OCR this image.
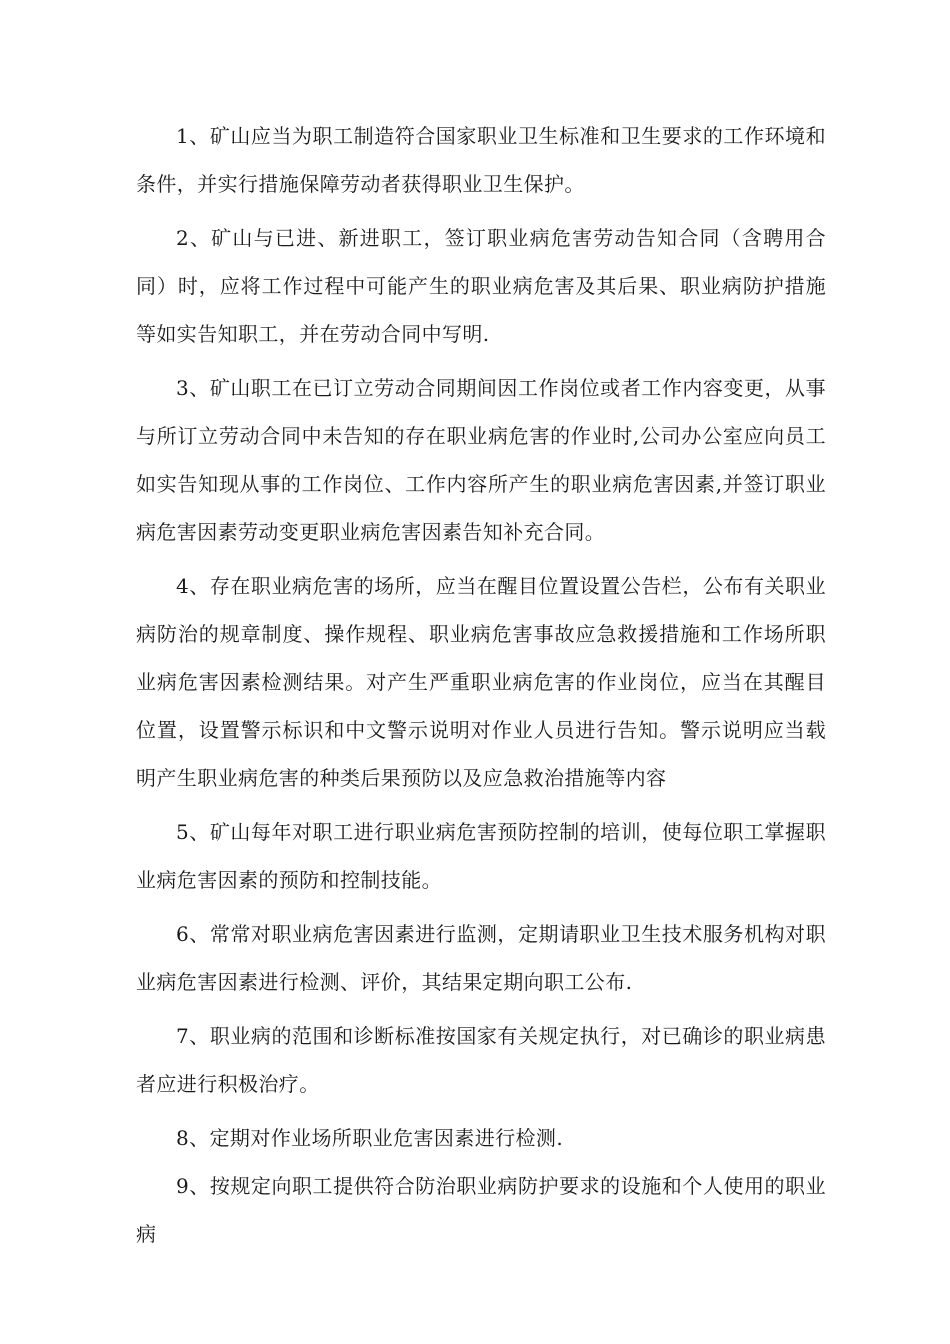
1、矿山应当为职工制造符合国家职业卫生标准和卫生要求的工作环境和条件，并实行措施保障劳动者获得职业卫生保护。

2、矿山与已进、新进职工，签订职业病危害劳动告知合同（含聘用合同）时，应将工作过程中可能产生的职业病危害及其后果、职业病防护措施等如实告知职工，并在劳动合同中写明.

3、矿山职工在已订立劳动合同期间因工作岗位或者工作内容变更，从事与所订立劳动合同中未告知的存在职业病危害的作业时,公司办公室应向员工如实告知现从事的工作岗位、工作内容所产生的职业病危害因素,并签订职业病危害因素劳动变更职业病危害因素告知补充合同。

4、存在职业病危害的场所，应当在醒目位置设置公告栏，公布有关职业病防治的规章制度、操作规程、职业病危害事故应急救援措施和工作场所职业病危害因素检测结果。对产生严重职业病危害的作业岗位，应当在其醒目位置，设置警示标识和中文警示说明对作业人员进行告知。警示说明应当载明产生职业病危害的种类后果预防以及应急救治措施等内容

5、矿山每年对职工进行职业病危害预防控制的培训，使每位职工掌握职业病危害因素的预防和控制技能。

6、常常对职业病危害因素进行监测，定期请职业卫生技术服务机构对职业病危害因素进行检测、评价，其结果定期向职工公布.

7、职业病的范围和诊断标准按国家有关规定执行，对已确诊的职业病患者应进行积极治疗。

8、定期对作业场所职业危害因素进行检测.

9、按规定向职工提供符合防治职业病防护要求的设施和个人使用的职业病
